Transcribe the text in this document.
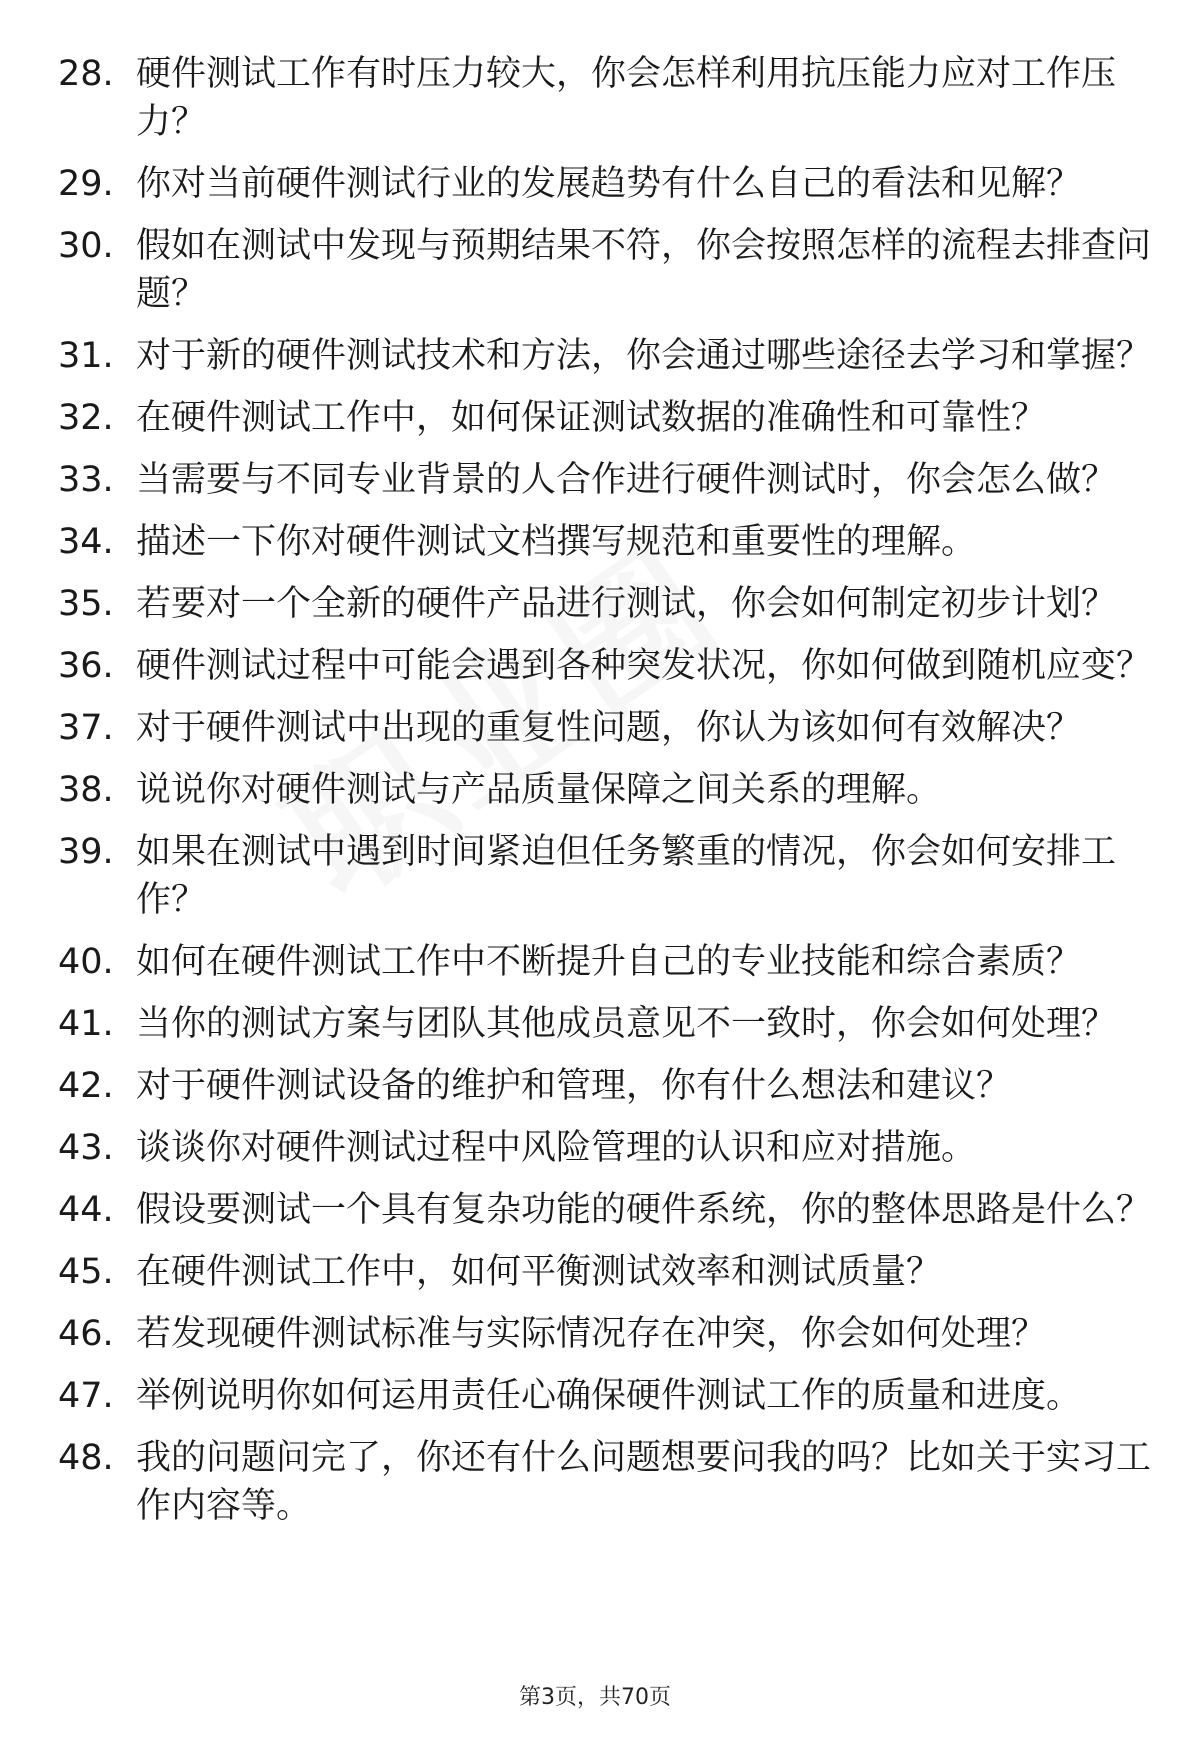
28. 硬件测试工作有时压力较大，你会怎样利用抗压能力应对工作压力？
29. 你对当前硬件测试行业的发展趋势有什么自己的看法和见解？
30. 假如在测试中发现与预期结果不符，你会按照怎样的流程去排查问题？
31. 对于新的硬件测试技术和方法，你会通过哪些途径去学习和掌握？
32. 在硬件测试工作中，如何保证测试数据的准确性和可靠性？
33. 当需要与不同专业背景的人合作进行硬件测试时，你会怎么做？
34. 描述一下你对硬件测试文档撰写规范和重要性的理解。
35. 若要对一个全新的硬件产品进行测试，你会如何制定初步计划？
36. 硬件测试过程中可能会遇到各种突发状况，你如何做到随机应变？
37. 对于硬件测试中出现的重复性问题，你认为该如何有效解决？
38. 说说你对硬件测试与产品质量保障之间关系的理解。
39. 如果在测试中遇到时间紧迫但任务繁重的情况，你会如何安排工作？
40. 如何在硬件测试工作中不断提升自己的专业技能和综合素质？
41. 当你的测试方案与团队其他成员意见不一致时，你会如何处理？
42. 对于硬件测试设备的维护和管理，你有什么想法和建议？
43. 谈谈你对硬件测试过程中风险管理的认识和应对措施。
44. 假设要测试一个具有复杂功能的硬件系统，你的整体思路是什么？
45. 在硬件测试工作中，如何平衡测试效率和测试质量？
46. 若发现硬件测试标准与实际情况存在冲突，你会如何处理？
47. 举例说明你如何运用责任心确保硬件测试工作的质量和进度。
48. 我的问题问完了，你还有什么问题想要问我的吗？比如关于实习工作内容等。
第3页，共70页
